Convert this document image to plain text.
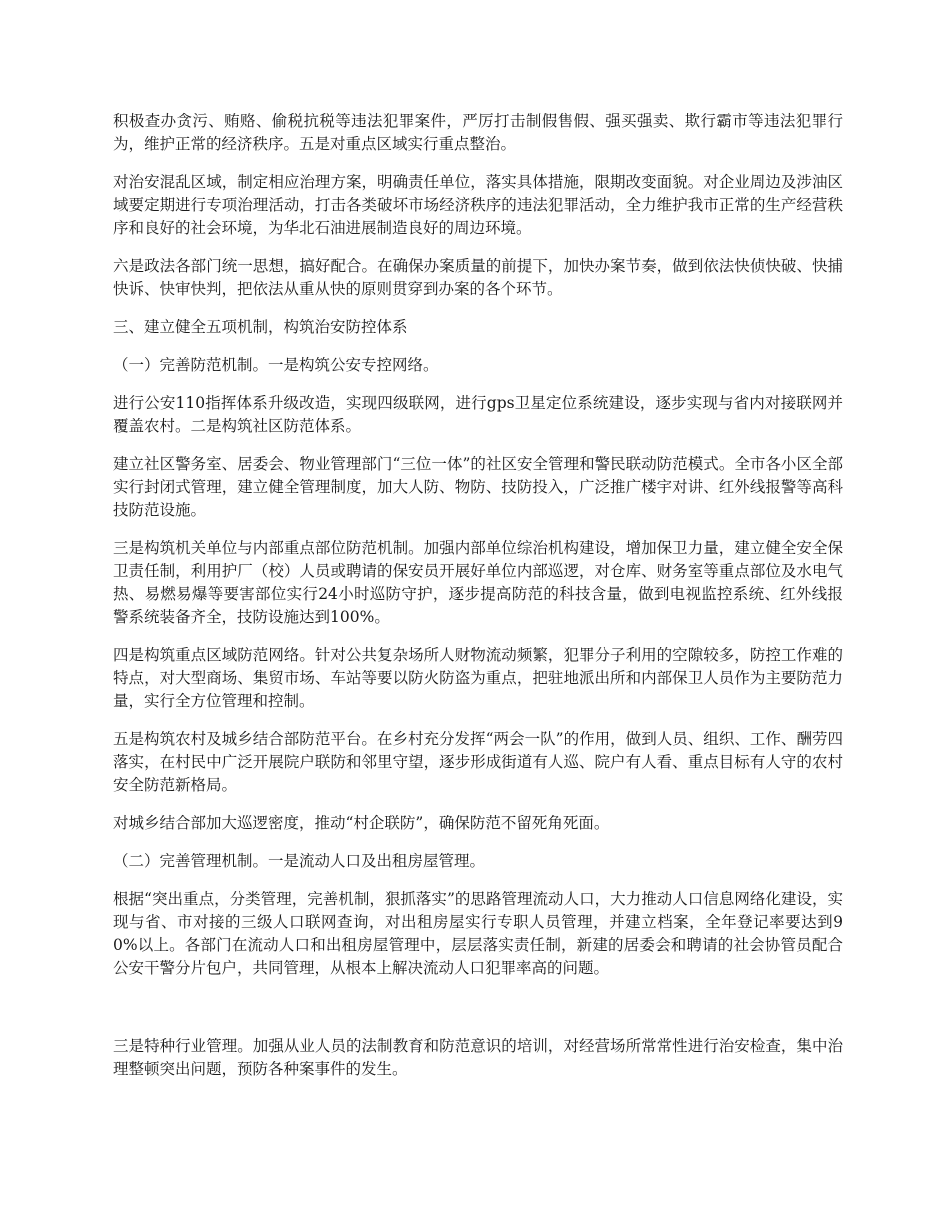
积极查办贪污、贿赂、偷税抗税等违法犯罪案件，严厉打击制假售假、强买强卖、欺行霸市等违法犯罪行为，维护正常的经济秩序。五是对重点区域实行重点整治。

对治安混乱区域，制定相应治理方案，明确责任单位，落实具体措施，限期改变面貌。对企业周边及涉油区域要定期进行专项治理活动，打击各类破坏市场经济秩序的违法犯罪活动，全力维护我市正常的生产经营秩序和良好的社会环境，为华北石油进展制造良好的周边环境。

六是政法各部门统一思想，搞好配合。在确保办案质量的前提下，加快办案节奏，做到依法快侦快破、快捕快诉、快审快判，把依法从重从快的原则贯穿到办案的各个环节。

三、建立健全五项机制，构筑治安防控体系

（一）完善防范机制。一是构筑公安专控网络。

进行公安110指挥体系升级改造，实现四级联网，进行gps卫星定位系统建设，逐步实现与省内对接联网并覆盖农村。二是构筑社区防范体系。

建立社区警务室、居委会、物业管理部门“三位一体”的社区安全管理和警民联动防范模式。全市各小区全部实行封闭式管理，建立健全管理制度，加大人防、物防、技防投入，广泛推广楼宇对讲、红外线报警等高科技防范设施。

三是构筑机关单位与内部重点部位防范机制。加强内部单位综治机构建设，增加保卫力量，建立健全安全保卫责任制，利用护厂（校）人员或聘请的保安员开展好单位内部巡逻，对仓库、财务室等重点部位及水电气热、易燃易爆等要害部位实行24小时巡防守护，逐步提高防范的科技含量，做到电视监控系统、红外线报警系统装备齐全，技防设施达到100%。

四是构筑重点区域防范网络。针对公共复杂场所人财物流动频繁，犯罪分子利用的空隙较多，防控工作难的特点，对大型商场、集贸市场、车站等要以防火防盗为重点，把驻地派出所和内部保卫人员作为主要防范力量，实行全方位管理和控制。

五是构筑农村及城乡结合部防范平台。在乡村充分发挥“两会一队”的作用，做到人员、组织、工作、酬劳四落实，在村民中广泛开展院户联防和邻里守望，逐步形成街道有人巡、院户有人看、重点目标有人守的农村安全防范新格局。

对城乡结合部加大巡逻密度，推动“村企联防”，确保防范不留死角死面。

（二）完善管理机制。一是流动人口及出租房屋管理。

根据“突出重点，分类管理，完善机制，狠抓落实”的思路管理流动人口，大力推动人口信息网络化建设，实现与省、市对接的三级人口联网查询，对出租房屋实行专职人员管理，并建立档案，全年登记率要达到90%以上。各部门在流动人口和出租房屋管理中，层层落实责任制，新建的居委会和聘请的社会协管员配合公安干警分片包户，共同管理，从根本上解决流动人口犯罪率高的问题。

三是特种行业管理。加强从业人员的法制教育和防范意识的培训，对经营场所常常性进行治安检查，集中治理整顿突出问题，预防各种案事件的发生。
